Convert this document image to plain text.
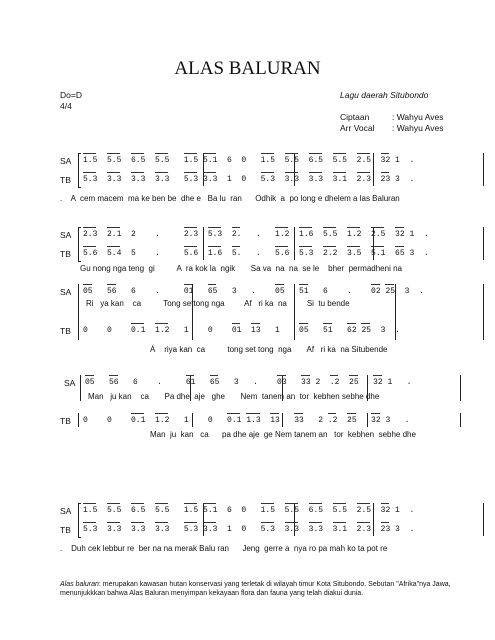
ALAS BALURAN
Do=D
4/4
Lagu daerah Situbondo
Ciptaan	: Wahyu Aves
Arr Vocal : Wahyu Aves
SA
TB
1.5  5.5  6.5  5.5   1.5 5.1  6  0   1.5  5.5  6.5  5.5  2.5  32 1  .
5.3  3.3  3.3  3.3   5.3 3.3  1  0   5.3  3.3  3.3  3.1  2.3  23 3  .
.    A  cem macem  ma ke ben be  dhe e   Ba lu  ran      Odhik  a  po long e dhelem a las Baluran
SA
TB
2.3  2.1  2    .     2.3  5.3  2.   .   1.2  1.6  5.5  1.2  2.5  32 1  .
5.6  5.4  5    .     5.6  1.6  5.   .   5.6  5.3  2.2  3.5  5.1  65 3  .
Gu nong nga teng  gi          A  ra kok la  ngik       Sa va  na  na  se le    bher  permadheni na
SA 05   56   6    .     01   65   3   .    05   51   6    .    02 25  3  .
Ri   ya kan    ca          Tong settong nga         Af   ri ka  na         Si  tu bende
TB 0    0    0.1  1.2   1    0    01  13   1    05   51   62 25  3  .
Á    riya kan  ca          tong set tong  nga       Af   ri ka  na Situbende
SA 05   56   6    .     61   65   3   .    03   33 2  .2  25   32 1   .
Man   ju kan    ca       Pa dhe  aje   ghe       Nem  tanem an  tor  kebhen sebhe dhe
TB 0    0    0.1  1.2   1    0   0.1 1.3  13   33   2 .2  25   32 3   .
Man  ju  kan   ca      pa dhe aje  ge Nem tanem an   tor  kebhen  sebhe dhe
SA
TB
1.5  5.5  6.5  5.5   1.5 5.1  6  0   1.5  5.5  6.5  5.5  2.5  32 1  .
5.3  3.3  3.3  3.3   5.3 3.3  1  0   5.3  3.3  3.3  3.1  2.3  23 3  .
.    Duh cek lebbur re  ber na na merak Balu ran      Jeng  gerre a  nya ro pa mah ko ta pot re
Alas baluran: merupakan kawasan hutan konservasi yang terletak di wilayah timur Kota Situbondo. Sebutan "Afrika"nya Jawa, menunjukkkan bahwa Alas Baluran menyimpan kekayaan flora dan fauna yang telah diakui dunia.
